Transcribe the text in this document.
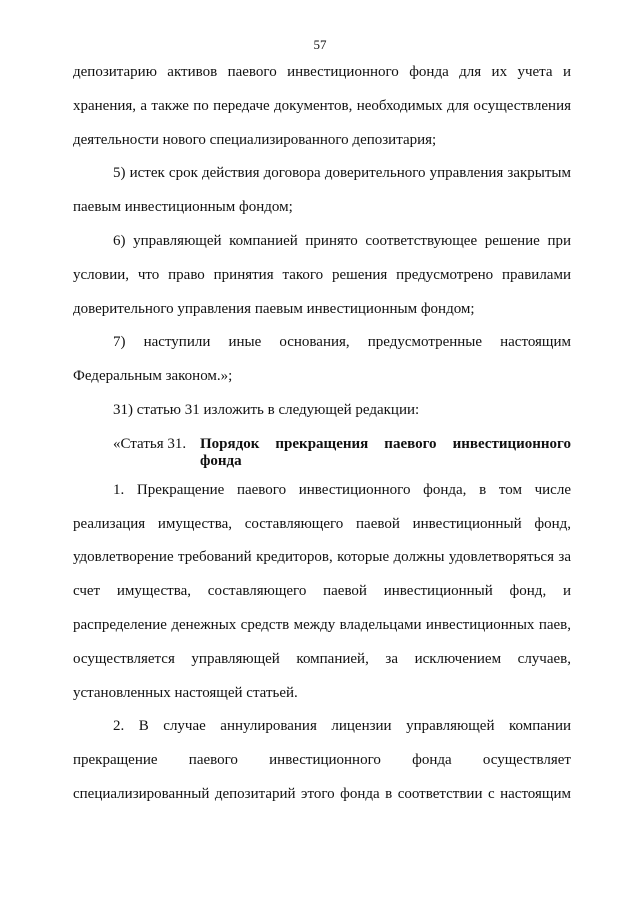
57
депозитарию активов паевого инвестиционного фонда для их учета и
хранения, а также по передаче документов, необходимых для осуществления
деятельности нового специализированного депозитария;
5) истек срок действия договора доверительного управления закрытым
паевым инвестиционным фондом;
6) управляющей компанией принято соответствующее решение при
условии, что право принятия такого решения предусмотрено правилами
доверительного управления паевым инвестиционным фондом;
7) наступили иные основания, предусмотренные настоящим
Федеральным законом.»;
31) статью 31 изложить в следующей редакции:
«Статья 31. Порядок прекращения паевого инвестиционного
фонда
1. Прекращение паевого инвестиционного фонда, в том числе
реализация имущества, составляющего паевой инвестиционный фонд,
удовлетворение требований кредиторов, которые должны удовлетворяться за
счет имущества, составляющего паевой инвестиционный фонд, и
распределение денежных средств между владельцами инвестиционных паев,
осуществляется управляющей компанией, за исключением случаев,
установленных настоящей статьей.
2. В случае аннулирования лицензии управляющей компании
прекращение паевого инвестиционного фонда осуществляет
специализированный депозитарий этого фонда в соответствии с настоящим
